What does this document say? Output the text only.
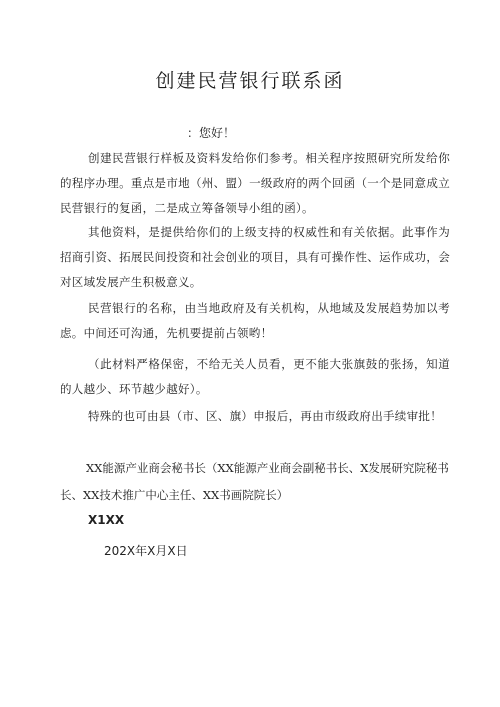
创建民营银行联系函
：您好！

创建民营银行样板及资料发给你们参考。相关程序按照研究所发给你的程序办理。重点是市地（州、盟）一级政府的两个回函（一个是同意成立民营银行的复函，二是成立筹备领导小组的函）。

其他资料，是提供给你们的上级支持的权威性和有关依据。此事作为招商引资、拓展民间投资和社会创业的项目，具有可操作性、运作成功，会对区域发展产生积极意义。

民营银行的名称，由当地政府及有关机构，从地域及发展趋势加以考虑。中间还可沟通，先机要提前占领哟！

（此材料严格保密，不给无关人员看，更不能大张旗鼓的张扬，知道的人越少、环节越少越好）。

特殊的也可由县（市、区、旗）申报后，再由市级政府出手续审批！

XX能源产业商会秘书长（XX能源产业商会副秘书长、X发展研究院秘书长、XX技术推广中心主任、XX书画院院长）

X1XX
202X年X月X日
